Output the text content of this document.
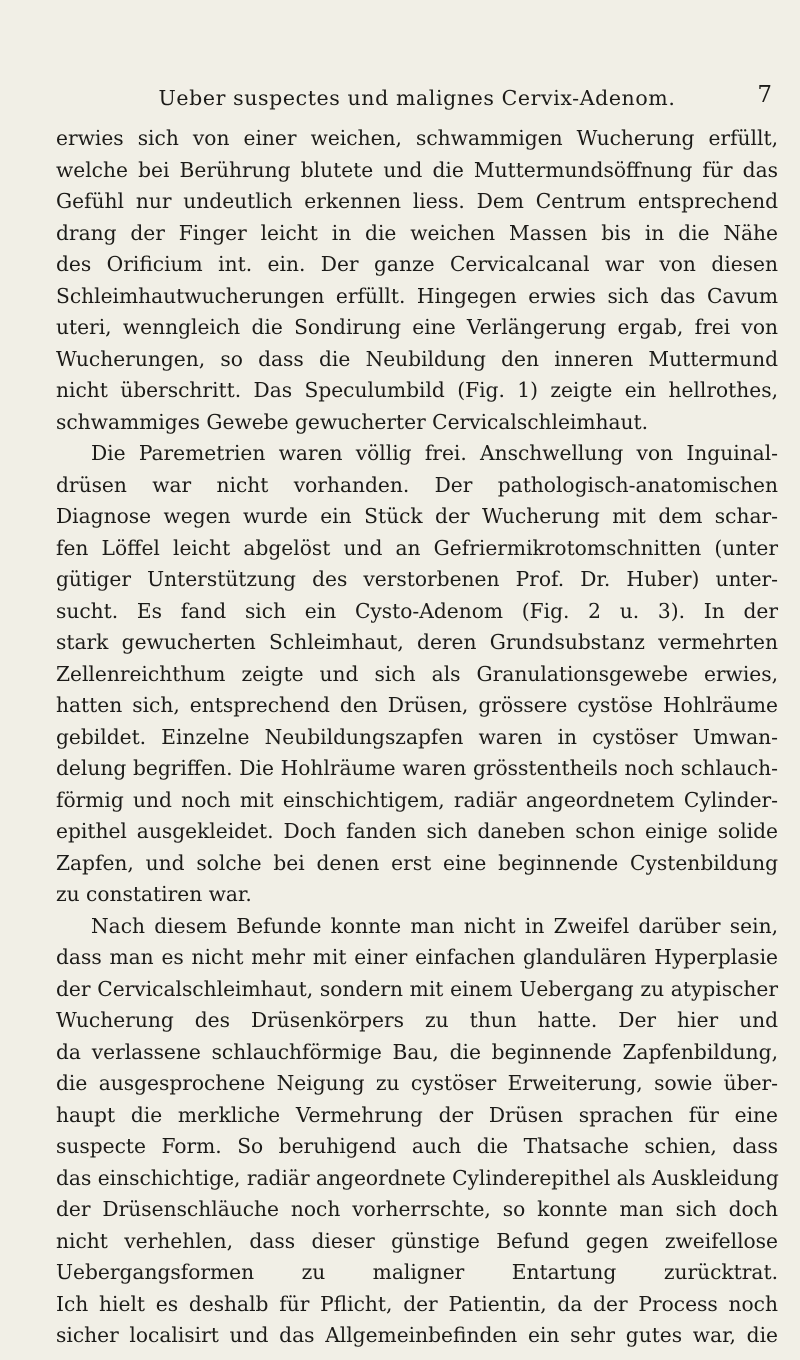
Ueber suspectes und malignes Cervix-Adenom.	7
erwies sich von einer weichen, schwammigen Wucherung erfüllt,
welche bei Berührung blutete und die Muttermundsöffnung für das
Gefühl nur undeutlich erkennen liess. Dem Centrum entsprechend
drang der Finger leicht in die weichen Massen bis in die Nähe
des Orificium int. ein. Der ganze Cervicalcanal war von diesen
Schleimhautwucherungen erfüllt. Hingegen erwies sich das Cavum
uteri, wenngleich die Sondirung eine Verlängerung ergab, frei von
Wucherungen, so dass die Neubildung den inneren Muttermund
nicht überschritt. Das Speculumbild (Fig. 1) zeigte ein hellrothes,
schwammiges Gewebe gewucherter Cervicalschleimhaut.
Die Paremetrien waren völlig frei. Anschwellung von Inguinal-
drüsen war nicht vorhanden. Der pathologisch-anatomischen
Diagnose wegen wurde ein Stück der Wucherung mit dem schar-
fen Löffel leicht abgelöst und an Gefriermikrotomschnitten (unter
gütiger Unterstützung des verstorbenen Prof. Dr. Huber) unter-
sucht. Es fand sich ein Cysto-Adenom (Fig. 2 u. 3). In der
stark gewucherten Schleimhaut, deren Grundsubstanz vermehrten
Zellenreichthum zeigte und sich als Granulationsgewebe erwies,
hatten sich, entsprechend den Drüsen, grössere cystöse Hohlräume
gebildet. Einzelne Neubildungszapfen waren in cystöser Umwan-
delung begriffen. Die Hohlräume waren grösstentheils noch schlauch-
förmig und noch mit einschichtigem, radiär angeordnetem Cylinder-
epithel ausgekleidet. Doch fanden sich daneben schon einige solide
Zapfen, und solche bei denen erst eine beginnende Cystenbildung
zu constatiren war.
Nach diesem Befunde konnte man nicht in Zweifel darüber sein,
dass man es nicht mehr mit einer einfachen glandulären Hyperplasie
der Cervicalschleimhaut, sondern mit einem Uebergang zu atypischer
Wucherung des Drüsenkörpers zu thun hatte. Der hier und
da verlassene schlauchförmige Bau, die beginnende Zapfenbildung,
die ausgesprochene Neigung zu cystöser Erweiterung, sowie über-
haupt die merkliche Vermehrung der Drüsen sprachen für eine
suspecte Form. So beruhigend auch die Thatsache schien, dass
das einschichtige, radiär angeordnete Cylinderepithel als Auskleidung
der Drüsenschläuche noch vorherrschte, so konnte man sich doch
nicht verhehlen, dass dieser günstige Befund gegen zweifellose
Uebergangsformen zu maligner Entartung zurücktrat.
Ich hielt es deshalb für Pflicht, der Patientin, da der Process noch
sicher localisirt und das Allgemeinbefinden ein sehr gutes war, die
